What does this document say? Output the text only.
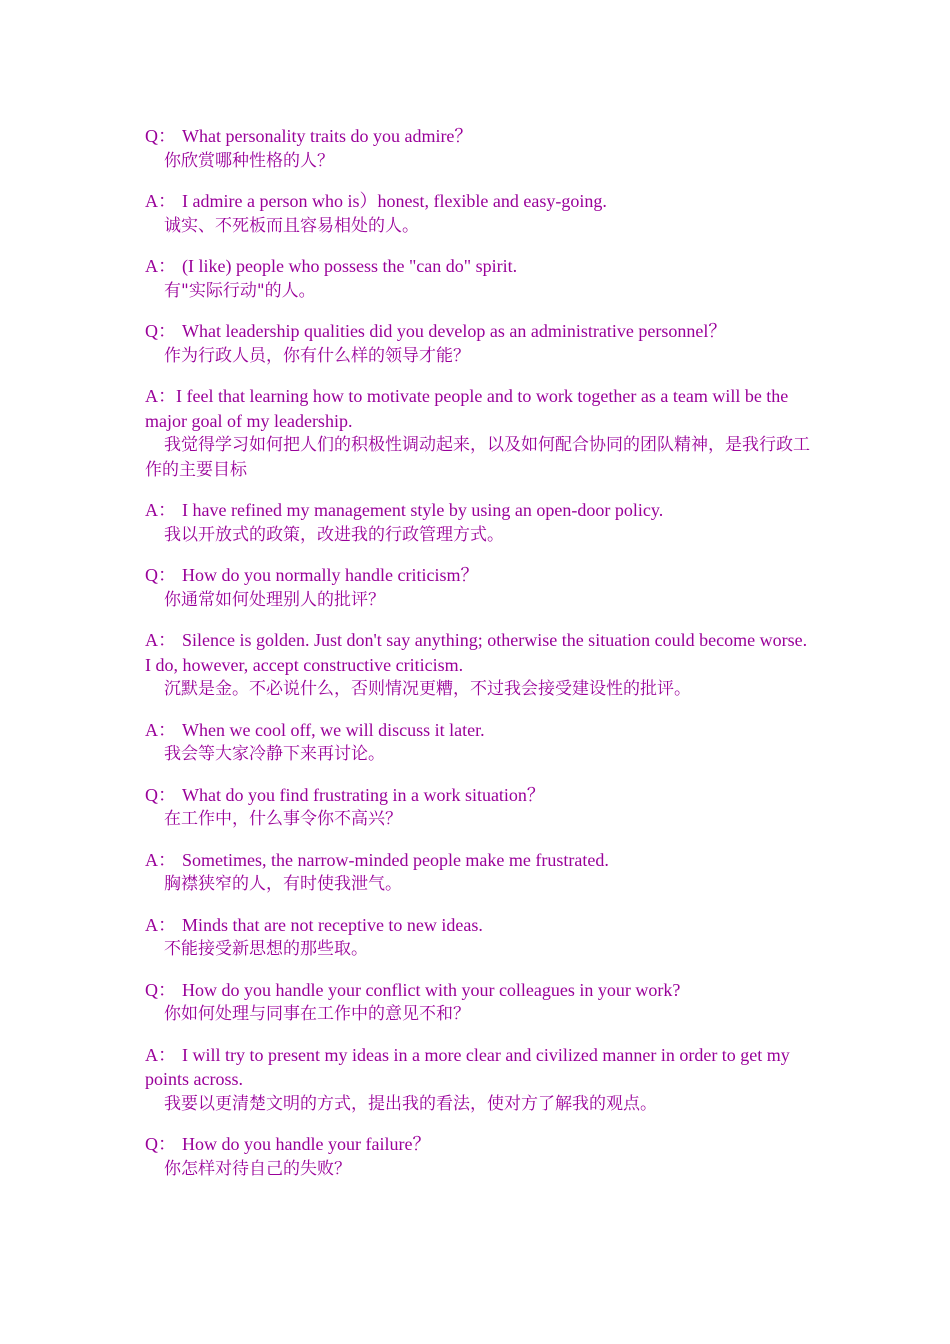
Q： What personality traits do you admire？

你欣赏哪种性格的人？

A： I admire a person who is）honest, flexible and easy-going.

诚实、不死板而且容易相处的人。

A： (I like) people who possess the "can do" spirit.

有"实际行动"的人。

Q： What leadership qualities did you develop as an administrative personnel？

作为行政人员，你有什么样的领导才能？

A：I feel that learning how to motivate people and to work together as a team will be the major goal of my leadership.

我觉得学习如何把人们的积极性调动起来，以及如何配合协同的团队精神，是我行政工作的主要目标

A： I have refined my management style by using an open-door policy.

我以开放式的政策，改进我的行政管理方式。

Q： How do you normally handle criticism？

你通常如何处理别人的批评？

A： Silence is golden. Just don't say anything; otherwise the situation could become worse. I do, however, accept constructive criticism.

沉默是金。不必说什么，否则情况更糟，不过我会接受建设性的批评。

A： When we cool off, we will discuss it later.

我会等大家冷静下来再讨论。

Q： What do you find frustrating in a work situation？

在工作中，什么事令你不高兴？

A： Sometimes, the narrow-minded people make me frustrated.

胸襟狭窄的人，有时使我泄气。

A： Minds that are not receptive to new ideas.

不能接受新思想的那些取。

Q： How do you handle your conflict with your colleagues in your work?

你如何处理与同事在工作中的意见不和？

A： I will try to present my ideas in a more clear and civilized manner in order to get my points across.

我要以更清楚文明的方式，提出我的看法，使对方了解我的观点。

Q： How do you handle your failure？

你怎样对待自己的失败？
